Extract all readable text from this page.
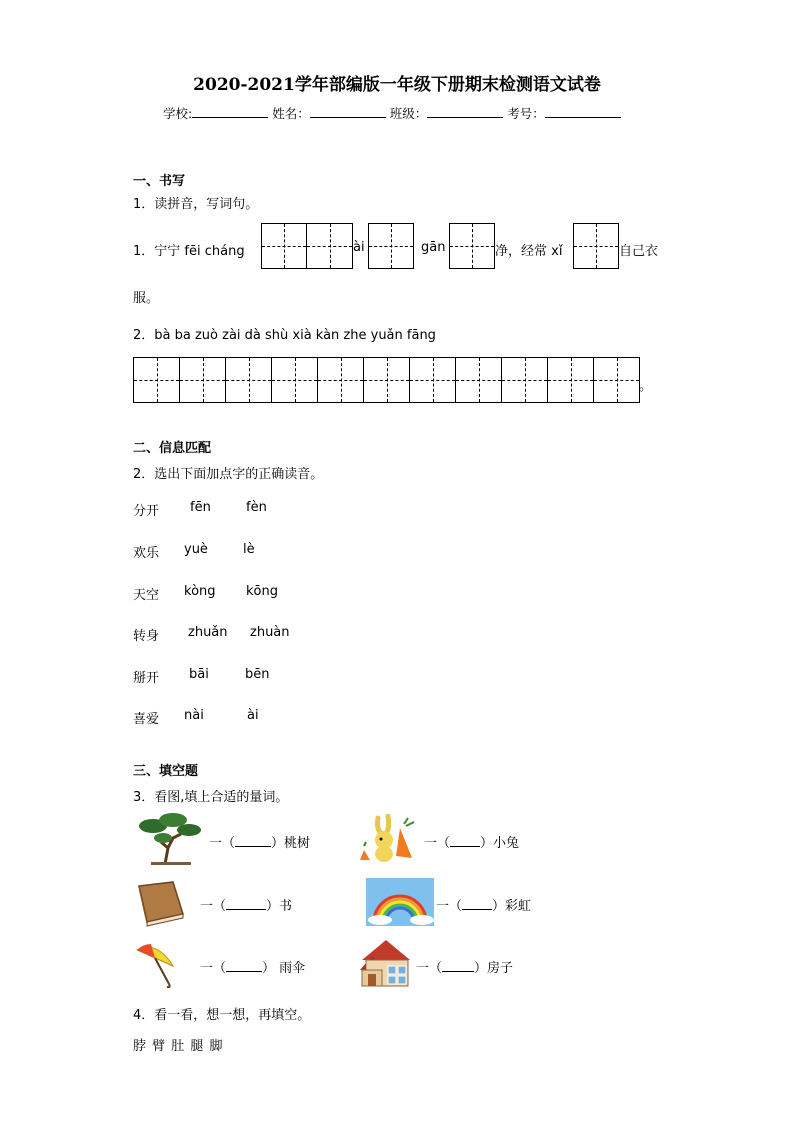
2020-2021学年部编版一年级下册期末检测语文试卷
学校:	姓名：	班级：	考号：
一、书写
1．读拼音，写词句。
1．宁宁 fēi cháng	ài	gān	净，经常 xǐ	自己衣
服。
2．bà ba zuò zài dà shù xià kàn zhe yuǎn fāng
。
二、信息匹配
2．选出下面加点字的正确读音。
分开 fēn	fèn
欢乐 yuè	lè
天空 kòng kōng
转身 zhuǎn zhuàn
掰开 bāi	bēn
喜爱 nài	ài
三、填空题
3．看图,填上合适的量词。
一（	）桃树	一（ ）小兔
一（	）书	一（ ）彩虹
一（	） 雨伞	一（ ）房子
4．看一看，想一想，再填空。
脖 臂 肚 腿 脚
